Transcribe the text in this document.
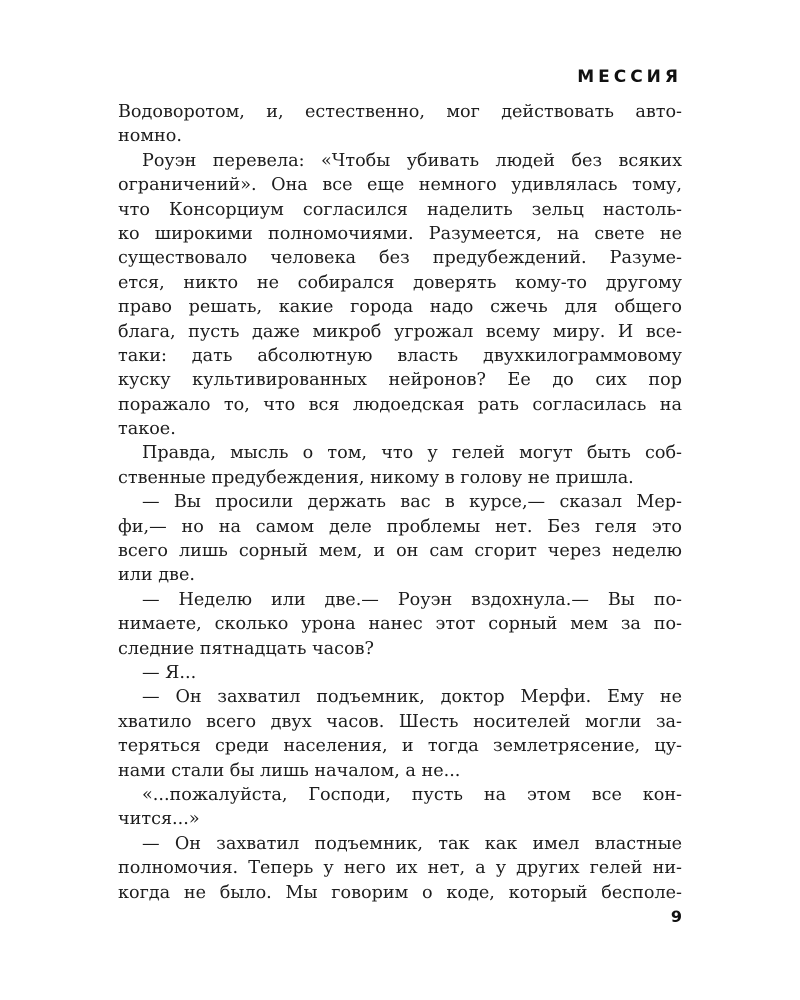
МЕССИЯ
Водоворотом, и, естественно, мог действовать авто-
номно.
Роуэн перевела: «Чтобы убивать людей без всяких
ограничений». Она все еще немного удивлялась тому,
что Консорциум согласился наделить зельц настоль-
ко широкими полномочиями. Разумеется, на свете не
существовало человека без предубеждений. Разуме-
ется, никто не собирался доверять кому-то другому
право решать, какие города надо сжечь для общего
блага, пусть даже микроб угрожал всему миру. И все-
таки: дать абсолютную власть двухкилограммовому
куску культивированных нейронов? Ее до сих пор
поражало то, что вся людоедская рать согласилась на
такое.
Правда, мысль о том, что у гелей могут быть соб-
ственные предубеждения, никому в голову не пришла.
— Вы просили держать вас в курсе,— сказал Мер-
фи,— но на самом деле проблемы нет. Без геля это
всего лишь сорный мем, и он сам сгорит через неделю
или две.
— Неделю или две.— Роуэн вздохнула.— Вы по-
нимаете, сколько урона нанес этот сорный мем за по-
следние пятнадцать часов?
— Я...
— Он захватил подъемник, доктор Мерфи. Ему не
хватило всего двух часов. Шесть носителей могли за-
теряться среди населения, и тогда землетрясение, цу-
нами стали бы лишь началом, а не...
«...пожалуйста, Господи, пусть на этом все кон-
чится...»
— Он захватил подъемник, так как имел властные
полномочия. Теперь у него их нет, а у других гелей ни-
когда не было. Мы говорим о коде, который бесполе-
9
